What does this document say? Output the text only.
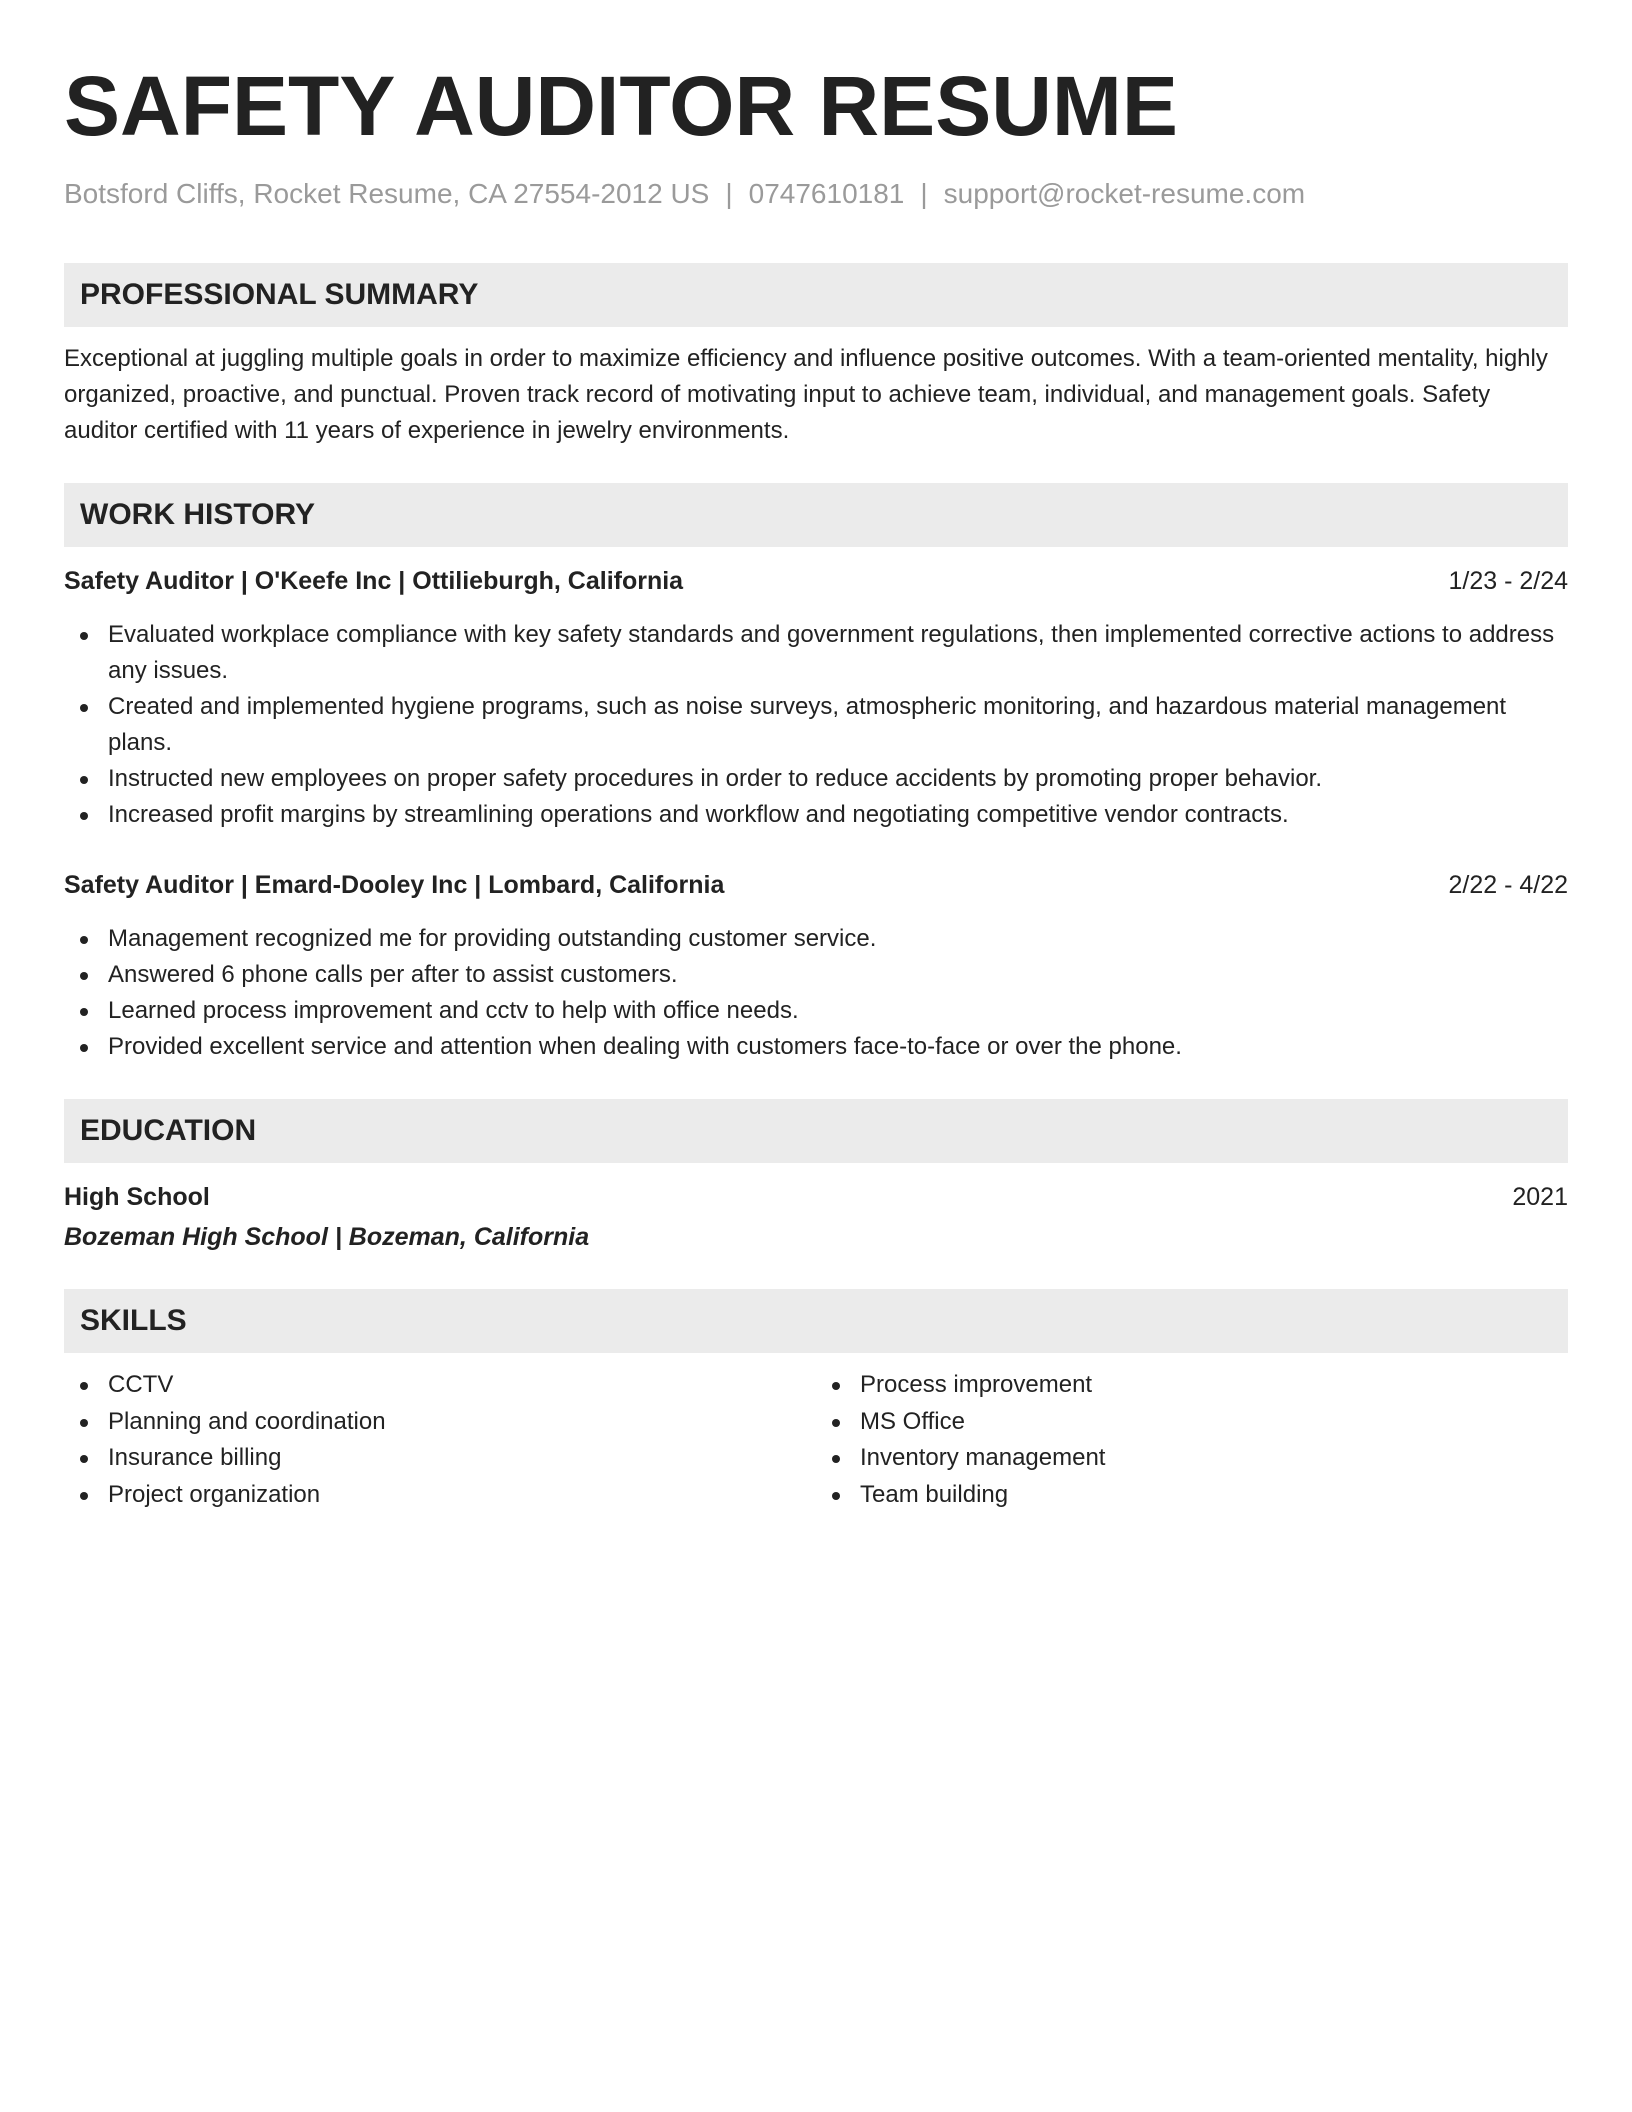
SAFETY AUDITOR RESUME
Botsford Cliffs, Rocket Resume, CA 27554-2012 US | 0747610181 | support@rocket-resume.com
PROFESSIONAL SUMMARY
Exceptional at juggling multiple goals in order to maximize efficiency and influence positive outcomes. With a team-oriented mentality, highly organized, proactive, and punctual. Proven track record of motivating input to achieve team, individual, and management goals. Safety auditor certified with 11 years of experience in jewelry environments.
WORK HISTORY
Safety Auditor | O'Keefe Inc | Ottilieburgh, California	1/23 - 2/24
Evaluated workplace compliance with key safety standards and government regulations, then implemented corrective actions to address any issues.
Created and implemented hygiene programs, such as noise surveys, atmospheric monitoring, and hazardous material management plans.
Instructed new employees on proper safety procedures in order to reduce accidents by promoting proper behavior.
Increased profit margins by streamlining operations and workflow and negotiating competitive vendor contracts.
Safety Auditor | Emard-Dooley Inc | Lombard, California	2/22 - 4/22
Management recognized me for providing outstanding customer service.
Answered 6 phone calls per after to assist customers.
Learned process improvement and cctv to help with office needs.
Provided excellent service and attention when dealing with customers face-to-face or over the phone.
EDUCATION
High School	2021
Bozeman High School | Bozeman, California
SKILLS
CCTV
Planning and coordination
Insurance billing
Project organization
Process improvement
MS Office
Inventory management
Team building
